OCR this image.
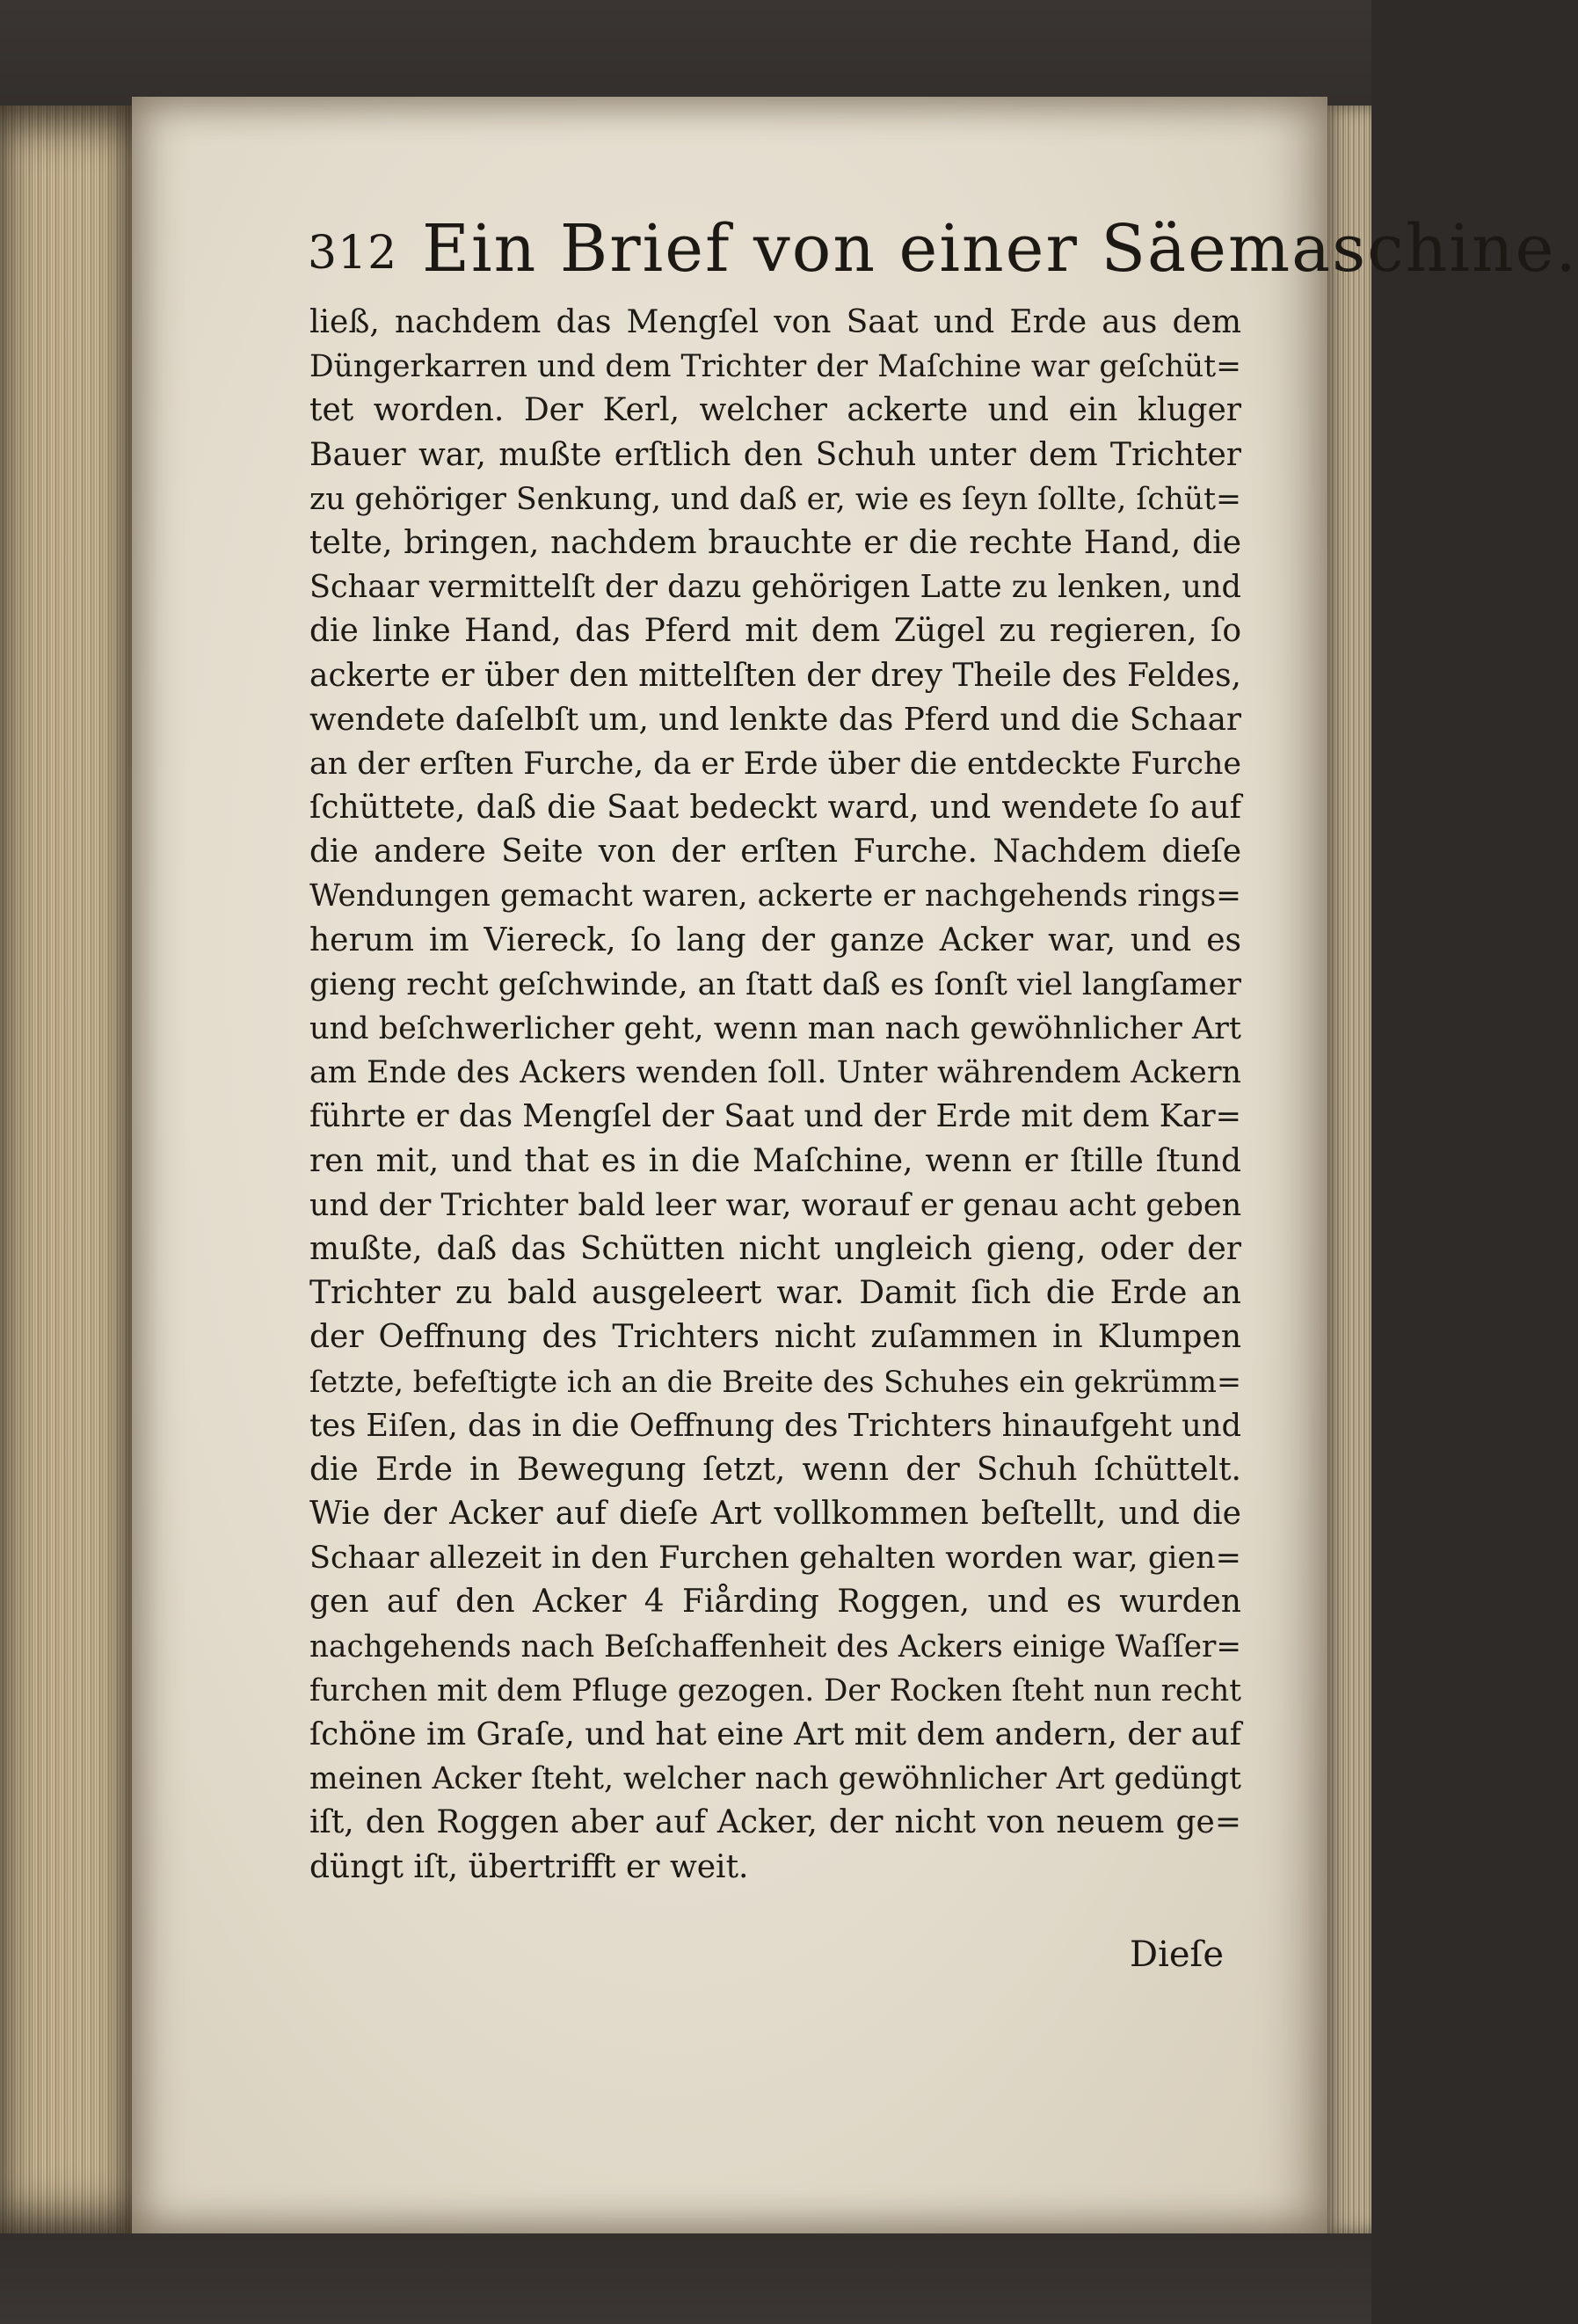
312 Ein Brief von einer Säemaschine.
ließ, nachdem das Mengſel von Saat und Erde aus dem
Düngerkarren und dem Trichter der Maſchine war geſchüt=
tet worden. Der Kerl, welcher ackerte und ein kluger
Bauer war, mußte erſtlich den Schuh unter dem Trichter
zu gehöriger Senkung, und daß er, wie es ſeyn ſollte, ſchüt=
telte, bringen, nachdem brauchte er die rechte Hand, die
Schaar vermittelſt der dazu gehörigen Latte zu lenken, und
die linke Hand, das Pferd mit dem Zügel zu regieren, ſo
ackerte er über den mittelſten der drey Theile des Feldes,
wendete daſelbſt um, und lenkte das Pferd und die Schaar
an der erſten Furche, da er Erde über die entdeckte Furche
ſchüttete, daß die Saat bedeckt ward, und wendete ſo auf
die andere Seite von der erſten Furche. Nachdem dieſe
Wendungen gemacht waren, ackerte er nachgehends rings=
herum im Viereck, ſo lang der ganze Acker war, und es
gieng recht geſchwinde, an ſtatt daß es ſonſt viel langſamer
und beſchwerlicher geht, wenn man nach gewöhnlicher Art
am Ende des Ackers wenden ſoll. Unter währendem Ackern
führte er das Mengſel der Saat und der Erde mit dem Kar=
ren mit, und that es in die Maſchine, wenn er ſtille ſtund
und der Trichter bald leer war, worauf er genau acht geben
mußte, daß das Schütten nicht ungleich gieng, oder der
Trichter zu bald ausgeleert war. Damit ſich die Erde an
der Oeffnung des Trichters nicht zuſammen in Klumpen
ſetzte, befeſtigte ich an die Breite des Schuhes ein gekrümm=
tes Eiſen, das in die Oeffnung des Trichters hinaufgeht und
die Erde in Bewegung ſetzt, wenn der Schuh ſchüttelt.
Wie der Acker auf dieſe Art vollkommen beſtellt, und die
Schaar allezeit in den Furchen gehalten worden war, gien=
gen auf den Acker 4 Fiårding Roggen, und es wurden
nachgehends nach Beſchaffenheit des Ackers einige Waſſer=
furchen mit dem Pfluge gezogen. Der Rocken ſteht nun recht
ſchöne im Graſe, und hat eine Art mit dem andern, der auf
meinen Acker ſteht, welcher nach gewöhnlicher Art gedüngt
iſt, den Roggen aber auf Acker, der nicht von neuem ge=
düngt iſt, übertrifft er weit.
Dieſe
